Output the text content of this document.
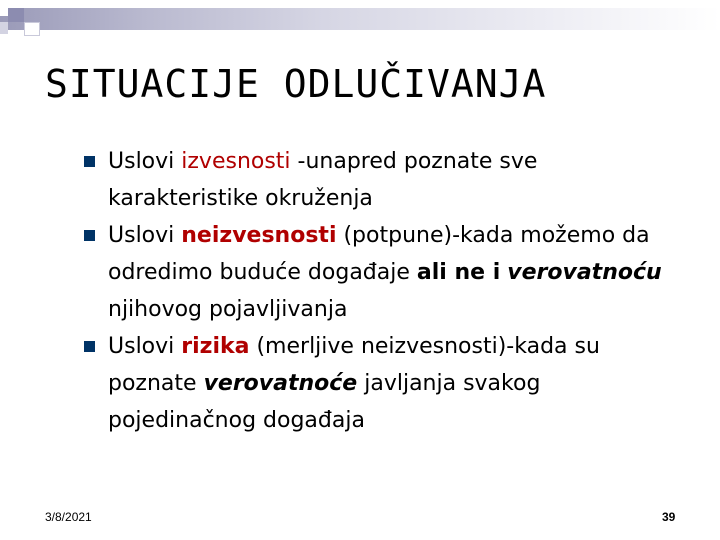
SITUACIJE ODLUČIVANJA
Uslovi izvesnosti -unapred poznate sve karakteristike okruženja
Uslovi neizvesnosti (potpune)-kada možemo da odredimo buduće događaje ali ne i verovatnoću njihovog pojavljivanja
Uslovi rizika (merljive neizvesnosti)-kada su poznate verovatnoće javljanja svakog pojedinačnog događaja
3/8/2021	39
